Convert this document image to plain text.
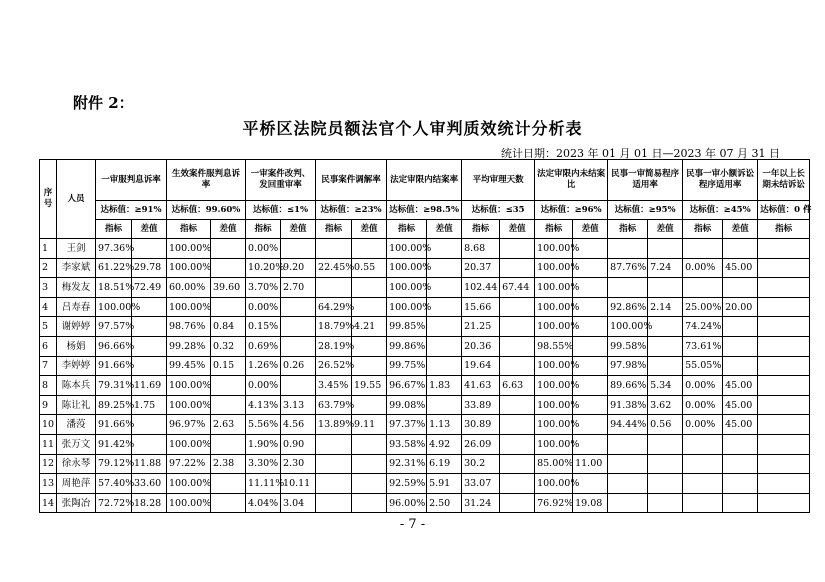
附件 2：
平桥区法院员额法官个人审判质效统计分析表
统计日期：2023 年 01 月 01 日—2023 年 07 月 31 日
序号	人员	一审服判息诉率		生效案件服判息诉率		一审案件改判、发回重审率		民事案件调解率		法定审限内结案率		平均审理天数		法定审限内未结案比		民事一审简易程序适用率		民事一审小额诉讼程序适用率		一年以上长期未结诉讼
		达标值：≥91%		达标值：99.60%		达标值：≤1%		达标值：≥23%		达标值：≥98.5%		达标值：≤35		达标值：≥96%		达标值：≥95%		达标值：≥45%		达标值：0 件
		指标	差值	指标	差值	指标	差值	指标	差值	指标	差值	指标	差值	指标	差值	指标	差值	指标	差值	指标
1	王剑	97.36%		100.00%		0.00%				100.00%		8.68		100.00%						
2	李家斌	61.22%	29.78	100.00%		10.20%	9.20	22.45%	0.55	100.00%		20.37		100.00%		87.76%	7.24	0.00%	45.00	
3	梅发友	18.51%	72.49	60.00%	39.60	3.70%	2.70			100.00%		102.44	67.44	100.00%						
4	吕寿春	100.00%		100.00%		0.00%		64.29%		100.00%		15.66		100.00%		92.86%	2.14	25.00%	20.00	
5	谢婷婷	97.57%		98.76%	0.84	0.15%		18.79%	4.21	99.85%		21.25		100.00%		100.00%		74.24%		
6	杨娟	96.66%		99.28%	0.32	0.69%		28.19%		99.86%		20.36		98.55%		99.58%		73.61%		
7	李婷婷	91.66%		99.45%	0.15	1.26%	0.26	26.52%		99.75%		19.64		100.00%		97.98%		55.05%		
8	陈本兵	79.31%	11.69	100.00%		0.00%		3.45%	19.55	96.67%	1.83	41.63	6.63	100.00%		89.66%	5.34	0.00%	45.00	
9	陈让礼	89.25%	1.75	100.00%		4.13%	3.13	63.79%		99.08%		33.89		100.00%		91.38%	3.62	0.00%	45.00	
10	潘莈	91.66%		96.97%	2.63	5.56%	4.56	13.89%	9.11	97.37%	1.13	30.89		100.00%		94.44%	0.56	0.00%	45.00	
11	张万文	91.42%		100.00%		1.90%	0.90			93.58%	4.92	26.09		100.00%						
12	徐永琴	79.12%	11.88	97.22%	2.38	3.30%	2.30			92.31%	6.19	30.2		85.00%	11.00					
13	周艳萍	57.40%	33.60	100.00%		11.11%	10.11			92.59%	5.91	33.07		100.00%						
14	张陶冶	72.72%	18.28	100.00%		4.04%	3.04			96.00%	2.50	31.24		76.92%	19.08					
- 7 -
